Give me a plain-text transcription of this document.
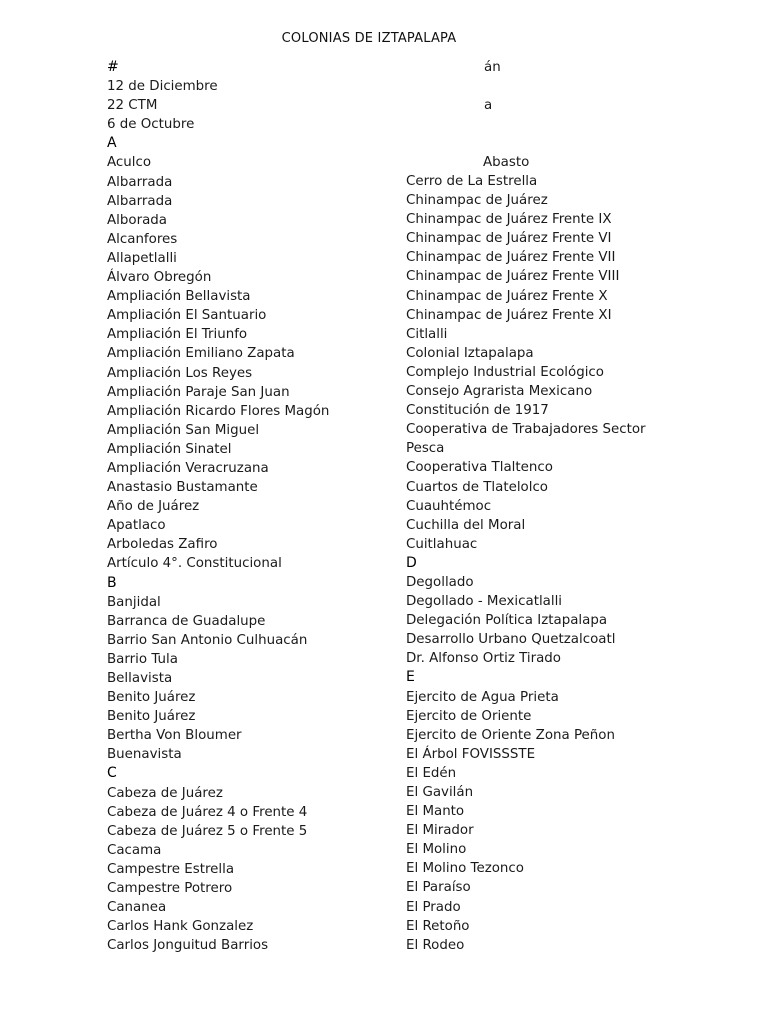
COLONIAS DE IZTAPALAPA
#
12 de Diciembre
22 CTM
6 de Octubre
A
Aculco
Albarrada
Albarrada
Alborada
Alcanfores
Allapetlalli
Álvaro Obregón
Ampliación Bellavista
Ampliación El Santuario
Ampliación El Triunfo
Ampliación Emiliano Zapata
Ampliación Los Reyes
Ampliación Paraje San Juan
Ampliación Ricardo Flores Magón
Ampliación San Miguel
Ampliación Sinatel
Ampliación Veracruzana
Anastasio Bustamante
Año de Juárez
Apatlaco
Arboledas Zafiro
Artículo 4°. Constitucional
B
Banjidal
Barranca de Guadalupe
Barrio San Antonio Culhuacán
Barrio Tula
Bellavista
Benito Juárez
Benito Juárez
Bertha Von Bloumer
Buenavista
C
Cabeza de Juárez
Cabeza de Juárez 4 o Frente 4
Cabeza de Juárez 5 o Frente 5
Cacama
Campestre Estrella
Campestre Potrero
Cananea
Carlos Hank Gonzalez
Carlos Jonguitud Barrios
án
a
Abasto
Cerro de La Estrella
Chinampac de Juárez
Chinampac de Juárez Frente IX
Chinampac de Juárez Frente VI
Chinampac de Juárez Frente VII
Chinampac de Juárez Frente VIII
Chinampac de Juárez Frente X
Chinampac de Juárez Frente XI
Citlalli
Colonial Iztapalapa
Complejo Industrial Ecológico
Consejo Agrarista Mexicano
Constitución de 1917
Cooperativa de Trabajadores Sector
Pesca
Cooperativa Tlaltenco
Cuartos de Tlatelolco
Cuauhtémoc
Cuchilla del Moral
Cuitlahuac
D
Degollado
Degollado - Mexicatlalli
Delegación Política Iztapalapa
Desarrollo Urbano Quetzalcoatl
Dr. Alfonso Ortiz Tirado
E
Ejercito de Agua Prieta
Ejercito de Oriente
Ejercito de Oriente Zona Peñon
El Árbol FOVISSSTE
El Edén
El Gavilán
El Manto
El Mirador
El Molino
El Molino Tezonco
El Paraíso
El Prado
El Retoño
El Rodeo
